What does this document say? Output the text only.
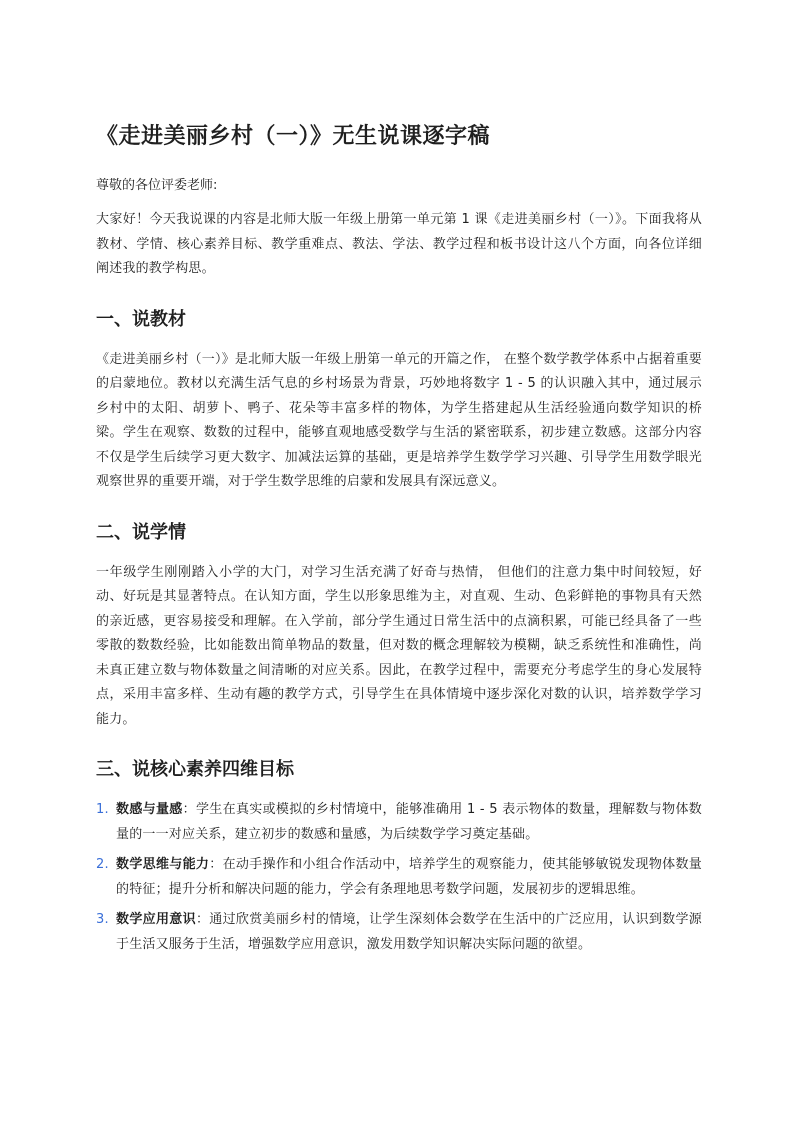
《走进美丽乡村（一）》无生说课逐字稿

尊敬的各位评委老师:

大家好！今天我说课的内容是北师大版一年级上册第一单元第 1 课《走进美丽乡村（一）》。下面我将从教材、学情、核心素养目标、教学重难点、教法、学法、教学过程和板书设计这八个方面，向各位详细阐述我的教学构思。

一、说教材

《走进美丽乡村（一）》是北师大版一年级上册第一单元的开篇之作， 在整个数学教学体系中占据着重要的启蒙地位。教材以充满生活气息的乡村场景为背景，巧妙地将数字 1 - 5 的认识融入其中，通过展示乡村中的太阳、胡萝卜、鸭子、花朵等丰富多样的物体，为学生搭建起从生活经验通向数学知识的桥梁。学生在观察、数数的过程中，能够直观地感受数学与生活的紧密联系，初步建立数感。这部分内容不仅是学生后续学习更大数字、加减法运算的基础，更是培养学生数学学习兴趣、引导学生用数学眼光观察世界的重要开端，对于学生数学思维的启蒙和发展具有深远意义。

二、说学情

一年级学生刚刚踏入小学的大门，对学习生活充满了好奇与热情， 但他们的注意力集中时间较短，好动、好玩是其显著特点。在认知方面，学生以形象思维为主，对直观、生动、色彩鲜艳的事物具有天然的亲近感，更容易接受和理解。在入学前，部分学生通过日常生活中的点滴积累，可能已经具备了一些零散的数数经验，比如能数出简单物品的数量，但对数的概念理解较为模糊，缺乏系统性和准确性，尚未真正建立数与物体数量之间清晰的对应关系。因此，在教学过程中，需要充分考虑学生的身心发展特点，采用丰富多样、生动有趣的教学方式，引导学生在具体情境中逐步深化对数的认识，培养数学学习能力。

三、说核心素养四维目标
1. 数感与量感：学生在真实或模拟的乡村情境中，能够准确用 1 - 5 表示物体的数量，理解数与物体数量的一一对应关系，建立初步的数感和量感，为后续数学学习奠定基础。
2. 数学思维与能力：在动手操作和小组合作活动中，培养学生的观察能力，使其能够敏锐发现物体数量的特征；提升分析和解决问题的能力，学会有条理地思考数学问题，发展初步的逻辑思维。
3. 数学应用意识：通过欣赏美丽乡村的情境，让学生深刻体会数学在生活中的广泛应用，认识到数学源于生活又服务于生活，增强数学应用意识，激发用数学知识解决实际问题的欲望。
